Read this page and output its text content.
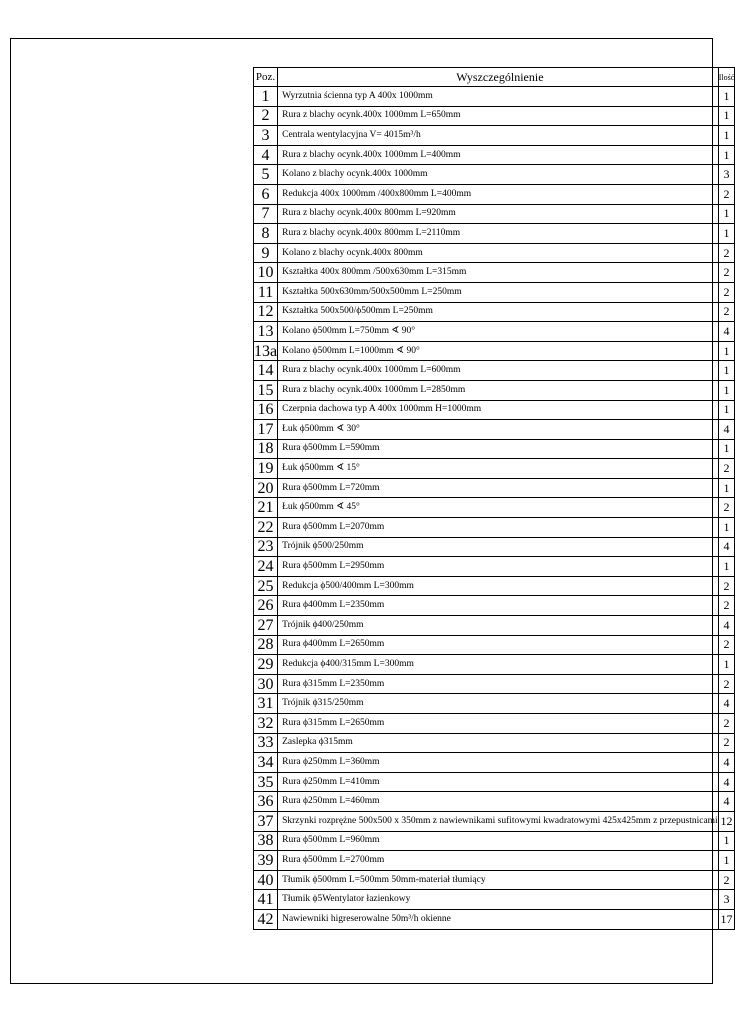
Poz.	Wyszczególnienie	Ilość
1	Wyrzutnia ścienna typ A 400x 1000mm	1
2	Rura z blachy ocynk.400x 1000mm L=650mm	1
3	Centrala wentylacyjna V= 4015m³/h	1
4	Rura z blachy ocynk.400x 1000mm L=400mm	1
5	Kolano z blachy ocynk.400x 1000mm	3
6	Redukcja 400x 1000mm /400x800mm L=400mm	2
7	Rura z blachy ocynk.400x 800mm L=920mm	1
8	Rura z blachy ocynk.400x 800mm L=2110mm	1
9	Kolano z blachy ocynk.400x 800mm	2
10	Kształtka 400x 800mm /500x630mm L=315mm	2
11	Kształtka 500x630mm/500x500mm L=250mm	2
12	Kształtka 500x500/ϕ500mm L=250mm	2
13	Kolano ϕ500mm L=750mm ∢ 90°	4
13a	Kolano ϕ500mm L=1000mm ∢ 90°	1
14	Rura z blachy ocynk.400x 1000mm L=600mm	1
15	Rura z blachy ocynk.400x 1000mm L=2850mm	1
16	Czerpnia dachowa typ A 400x 1000mm H=1000mm	1
17	Łuk ϕ500mm ∢ 30°	4
18	Rura ϕ500mm L=590mm	1
19	Łuk ϕ500mm ∢ 15°	2
20	Rura ϕ500mm L=720mm	1
21	Łuk ϕ500mm ∢ 45°	2
22	Rura ϕ500mm L=2070mm	1
23	Trójnik ϕ500/250mm	4
24	Rura ϕ500mm L=2950mm	1
25	Redukcja ϕ500/400mm L=300mm	2
26	Rura ϕ400mm L=2350mm	2
27	Trójnik ϕ400/250mm	4
28	Rura ϕ400mm L=2650mm	2
29	Redukcja ϕ400/315mm L=300mm	1
30	Rura ϕ315mm L=2350mm	2
31	Trójnik ϕ315/250mm	4
32	Rura ϕ315mm L=2650mm	2
33	Zaslepka ϕ315mm	2
34	Rura ϕ250mm L=360mm	4
35	Rura ϕ250mm L=410mm	4
36	Rura ϕ250mm L=460mm	4
37	Skrzynki rozprężne 500x500 x 350mm z nawiewnikami sufitowymi kwadratowymi 425x425mm z przepustnicami	12
38	Rura ϕ500mm L=960mm	1
39	Rura ϕ500mm L=2700mm	1
40	Tłumik ϕ500mm L=500mm 50mm-materiał tłumiący	2
41	Tłumik ϕ5Wentylator łazienkowy	3
42	Nawiewniki higreserowalne 50m³/h okienne	17
